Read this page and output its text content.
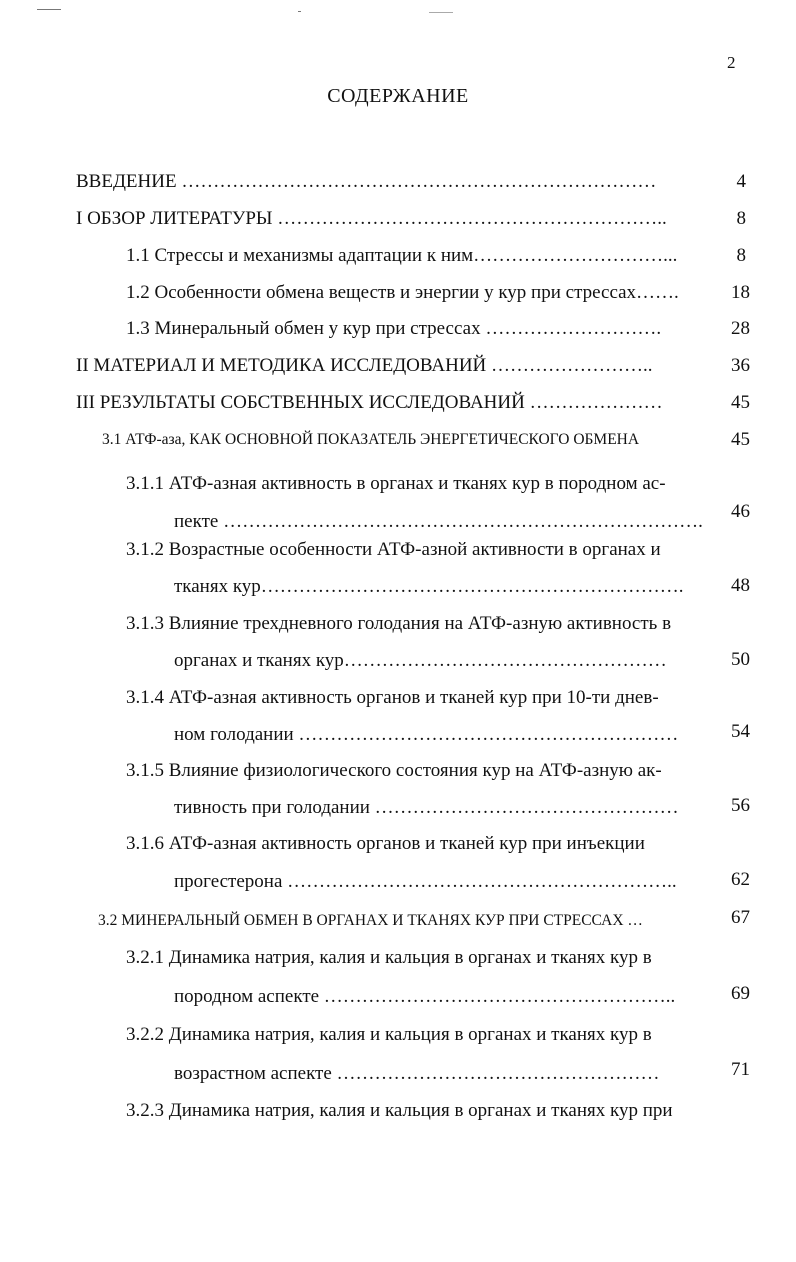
2
СОДЕРЖАНИЕ
ВВЕДЕНИЕ …………………………………………………………………	4
I ОБЗОР ЛИТЕРАТУРЫ ……………………………………………………..	8
1.1 Стрессы и механизмы адаптации к ним…………………………...	8
1.2 Особенности обмена веществ и энергии у кур при стрессах…….	18
1.3 Минеральный обмен у кур при стрессах ……………………….	28
II МАТЕРИАЛ И МЕТОДИКА ИССЛЕДОВАНИЙ ……………………..	36
III РЕЗУЛЬТАТЫ СОБСТВЕННЫХ ИССЛЕДОВАНИЙ …………………	45
3.1 АТФ-аза, КАК ОСНОВНОЙ ПОКАЗАТЕЛЬ ЭНЕРГЕТИЧЕСКОГО ОБМЕНА	45
3.1.1 АТФ-азная активность в органах и тканях кур в породном ас-
пекте ………………………………………………………………….	46
3.1.2 Возрастные особенности АТФ-азной активности в органах и
тканях кур………………………………………………………….	48
3.1.3 Влияние трехдневного голодания на АТФ-азную активность в
органах и тканях кур……………………………………………	50
3.1.4 АТФ-азная активность органов и тканей кур при 10-ти днев-
ном голодании ……………………………………………………	54
3.1.5 Влияние физиологического состояния кур на АТФ-азную ак-
тивность при голодании …………………………………………	56
3.1.6 АТФ-азная активность органов и тканей кур при инъекции
прогестерона ……………………………………………………..	62
3.2 МИНЕРАЛЬНЫЙ ОБМЕН В ОРГАНАХ И ТКАНЯХ КУР ПРИ СТРЕССАХ …	67
3.2.1 Динамика натрия, калия и кальция в органах и тканях кур в
породном аспекте ………………………………………………..	69
3.2.2 Динамика натрия, калия и кальция в органах и тканях кур в
возрастном аспекте ……………………………………………	71
3.2.3 Динамика натрия, калия и кальция в органах и тканях кур при
